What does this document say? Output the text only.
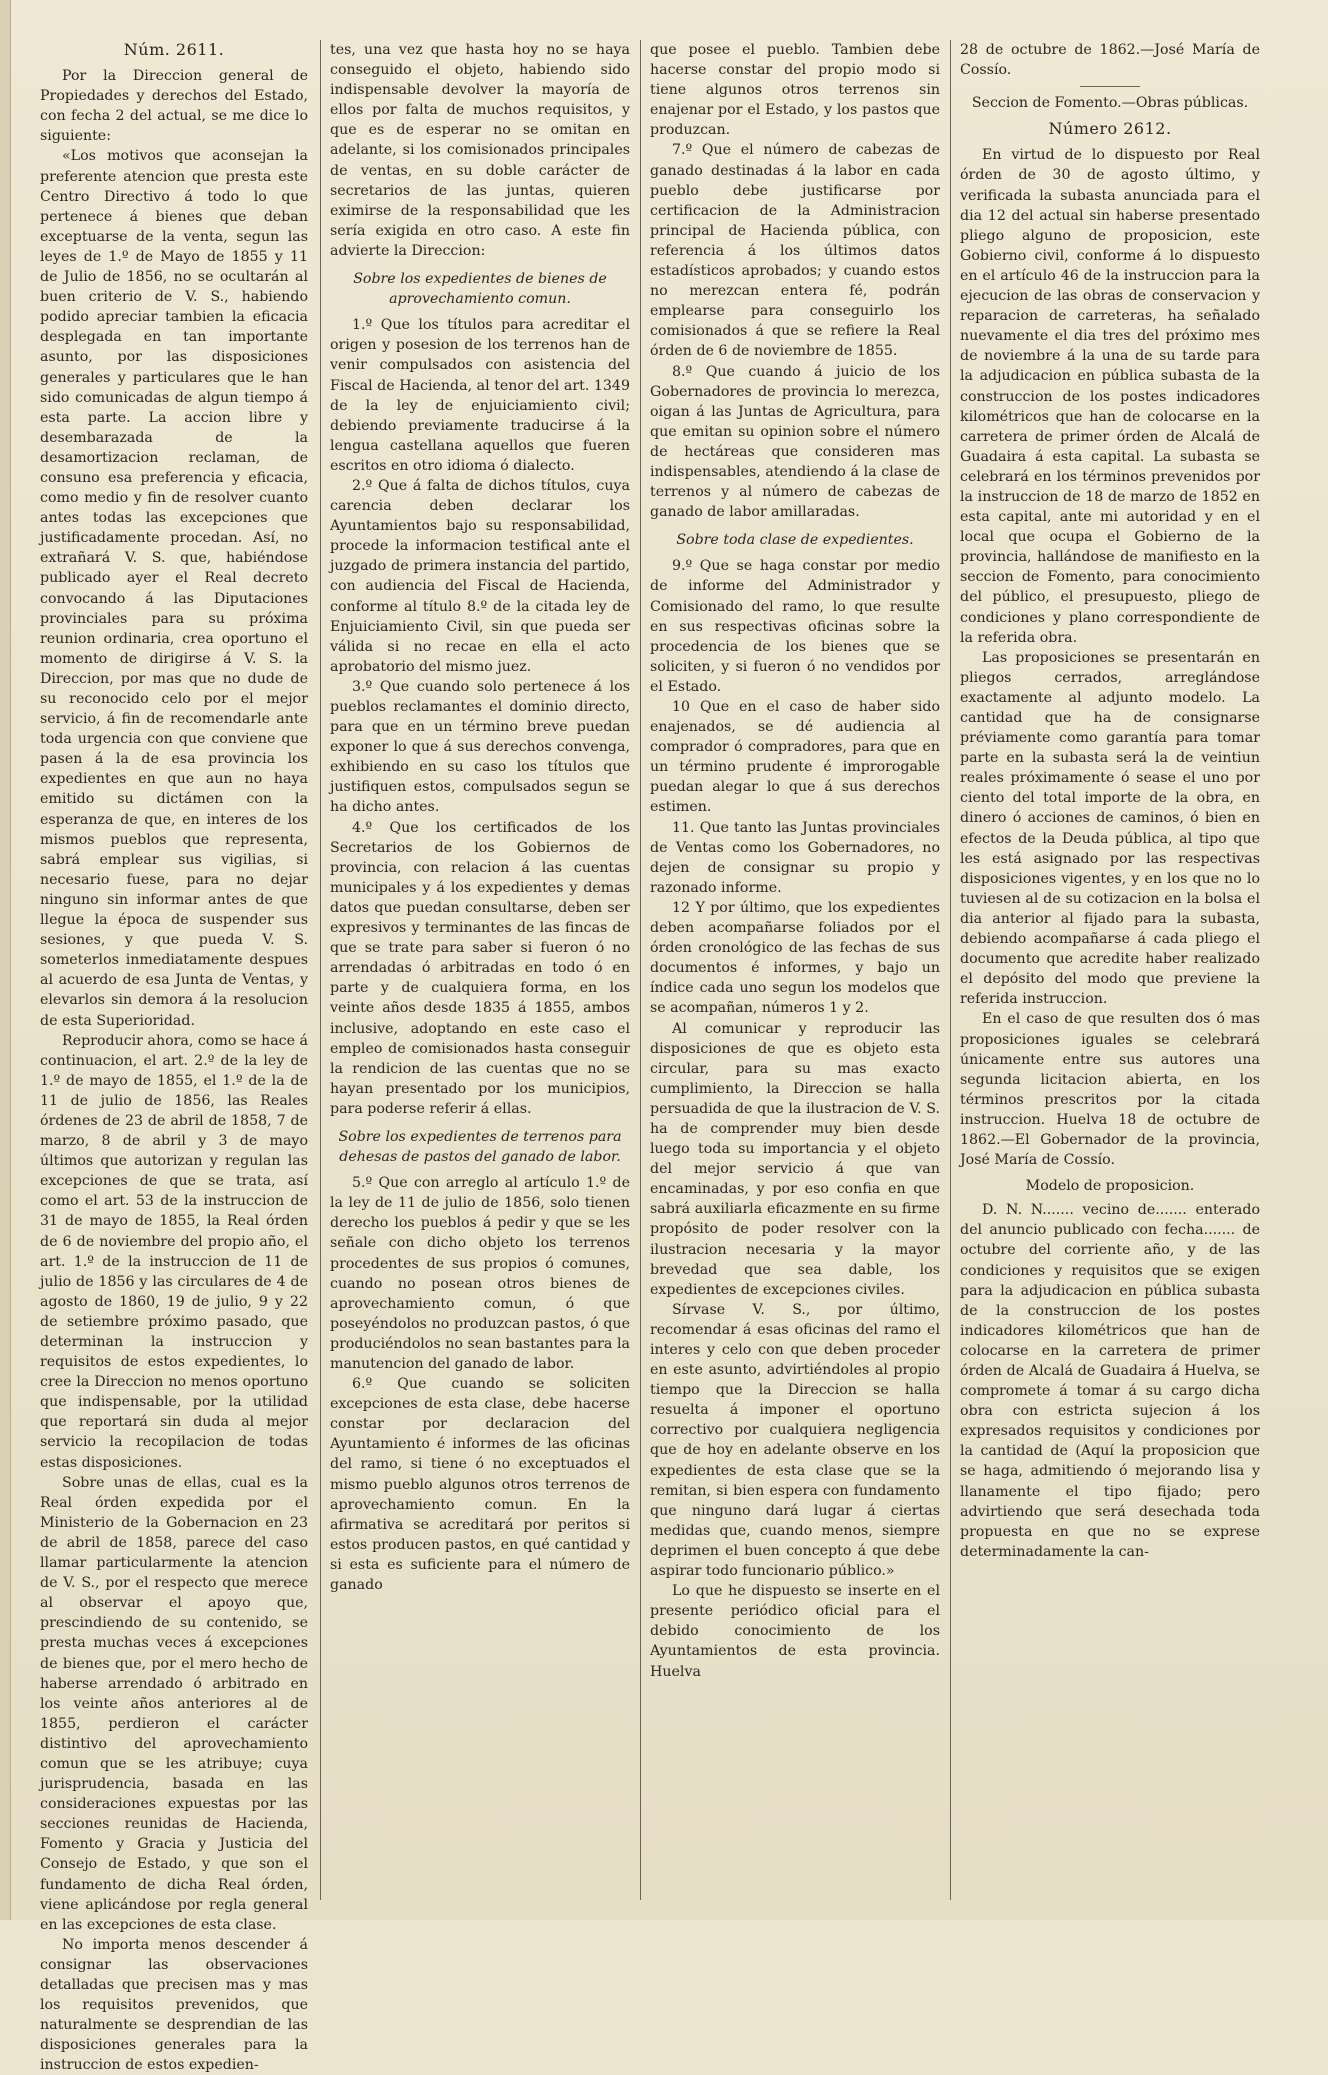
Núm. 2611.

Por la Direccion general de Propiedades y derechos del Estado, con fecha 2 del actual, se me dice lo siguiente:

«Los motivos que aconsejan la preferente atencion que presta este Centro Directivo á todo lo que pertenece á bienes que deban exceptuarse de la venta, segun las leyes de 1.º de Mayo de 1855 y 11 de Julio de 1856, no se ocultarán al buen criterio de V. S., habiendo podido apreciar tambien la eficacia desplegada en tan importante asunto, por las disposiciones generales y particulares que le han sido comunicadas de algun tiempo á esta parte. La accion libre y desembarazada de la desamortizacion reclaman, de consuno esa preferencia y eficacia, como medio y fin de resolver cuanto antes todas las excepciones que justificadamente procedan. Así, no extrañará V. S. que, habiéndose publicado ayer el Real decreto convocando á las Diputaciones provinciales para su próxima reunion ordinaria, crea oportuno el momento de dirigirse á V. S. la Direccion, por mas que no dude de su reconocido celo por el mejor servicio, á fin de recomendarle ante toda urgencia con que conviene que pasen á la de esa provincia los expedientes en que aun no haya emitido su dictámen con la esperanza de que, en interes de los mismos pueblos que representa, sabrá emplear sus vigilias, si necesario fuese, para no dejar ninguno sin informar antes de que llegue la época de suspender sus sesiones, y que pueda V. S. someterlos inmediatamente despues al acuerdo de esa Junta de Ventas, y elevarlos sin demora á la resolucion de esta Superioridad.

Reproducir ahora, como se hace á continuacion, el art. 2.º de la ley de 1.º de mayo de 1855, el 1.º de la de 11 de julio de 1856, las Reales órdenes de 23 de abril de 1858, 7 de marzo, 8 de abril y 3 de mayo últimos que autorizan y regulan las excepciones de que se trata, así como el art. 53 de la instruccion de 31 de mayo de 1855, la Real órden de 6 de noviembre del propio año, el art. 1.º de la instruccion de 11 de julio de 1856 y las circulares de 4 de agosto de 1860, 19 de julio, 9 y 22 de setiembre próximo pasado, que determinan la instruccion y requisitos de estos expedientes, lo cree la Direccion no menos oportuno que indispensable, por la utilidad que reportará sin duda al mejor servicio la recopilacion de todas estas disposiciones.

Sobre unas de ellas, cual es la Real órden expedida por el Ministerio de la Gobernacion en 23 de abril de 1858, parece del caso llamar particularmente la atencion de V. S., por el respecto que merece al observar el apoyo que, prescindiendo de su contenido, se presta muchas veces á excepciones de bienes que, por el mero hecho de haberse arrendado ó arbitrado en los veinte años anteriores al de 1855, perdieron el carácter distintivo del aprovechamiento comun que se les atribuye; cuya jurisprudencia, basada en las consideraciones expuestas por las secciones reunidas de Hacienda, Fomento y Gracia y Justicia del Consejo de Estado, y que son el fundamento de dicha Real órden, viene aplicándose por regla general en las excepciones de esta clase.

No importa menos descender á consignar las observaciones detalladas que precisen mas y mas los requisitos prevenidos, que naturalmente se desprendian de las disposiciones generales para la instruccion de estos expedien-

tes, una vez que hasta hoy no se haya conseguido el objeto, habiendo sido indispensable devolver la mayoría de ellos por falta de muchos requisitos, y que es de esperar no se omitan en adelante, si los comisionados principales de ventas, en su doble carácter de secretarios de las juntas, quieren eximirse de la responsabilidad que les sería exigida en otro caso. A este fin advierte la Direccion:

Sobre los expedientes de bienes de aprovechamiento comun.

1.º Que los títulos para acreditar el origen y posesion de los terrenos han de venir compulsados con asistencia del Fiscal de Hacienda, al tenor del art. 1349 de la ley de enjuiciamiento civil; debiendo previamente traducirse á la lengua castellana aquellos que fueren escritos en otro idioma ó dialecto.

2.º Que á falta de dichos títulos, cuya carencia deben declarar los Ayuntamientos bajo su responsabilidad, procede la informacion testifical ante el juzgado de primera instancia del partido, con audiencia del Fiscal de Hacienda, conforme al título 8.º de la citada ley de Enjuiciamiento Civil, sin que pueda ser válida si no recae en ella el acto aprobatorio del mismo juez.

3.º Que cuando solo pertenece á los pueblos reclamantes el dominio directo, para que en un término breve puedan exponer lo que á sus derechos convenga, exhibiendo en su caso los títulos que justifiquen estos, compulsados segun se ha dicho antes.

4.º Que los certificados de los Secretarios de los Gobiernos de provincia, con relacion á las cuentas municipales y á los expedientes y demas datos que puedan consultarse, deben ser expresivos y terminantes de las fincas de que se trate para saber si fueron ó no arrendadas ó arbitradas en todo ó en parte y de cualquiera forma, en los veinte años desde 1835 á 1855, ambos inclusive, adoptando en este caso el empleo de comisionados hasta conseguir la rendicion de las cuentas que no se hayan presentado por los municipios, para poderse referir á ellas.

Sobre los expedientes de terrenos para dehesas de pastos del ganado de labor.

5.º Que con arreglo al artículo 1.º de la ley de 11 de julio de 1856, solo tienen derecho los pueblos á pedir y que se les señale con dicho objeto los terrenos procedentes de sus propios ó comunes, cuando no posean otros bienes de aprovechamiento comun, ó que poseyéndolos no produzcan pastos, ó que produciéndolos no sean bastantes para la manutencion del ganado de labor.

6.º Que cuando se soliciten excepciones de esta clase, debe hacerse constar por declaracion del Ayuntamiento é informes de las oficinas del ramo, si tiene ó no exceptuados el mismo pueblo algunos otros terrenos de aprovechamiento comun. En la afirmativa se acreditará por peritos si estos producen pastos, en qué cantidad y si esta es suficiente para el número de ganado

que posee el pueblo. Tambien debe hacerse constar del propio modo si tiene algunos otros terrenos sin enajenar por el Estado, y los pastos que produzcan.

7.º Que el número de cabezas de ganado destinadas á la labor en cada pueblo debe justificarse por certificacion de la Administracion principal de Hacienda pública, con referencia á los últimos datos estadísticos aprobados; y cuando estos no merezcan entera fé, podrán emplearse para conseguirlo los comisionados á que se refiere la Real órden de 6 de noviembre de 1855.

8.º Que cuando á juicio de los Gobernadores de provincia lo merezca, oigan á las Juntas de Agricultura, para que emitan su opinion sobre el número de hectáreas que consideren mas indispensables, atendiendo á la clase de terrenos y al número de cabezas de ganado de labor amillaradas.

Sobre toda clase de expedientes.

9.º Que se haga constar por medio de informe del Administrador y Comisionado del ramo, lo que resulte en sus respectivas oficinas sobre la procedencia de los bienes que se soliciten, y si fueron ó no vendidos por el Estado.

10 Que en el caso de haber sido enajenados, se dé audiencia al comprador ó compradores, para que en un término prudente é improrogable puedan alegar lo que á sus derechos estimen.

11. Que tanto las Juntas provinciales de Ventas como los Gobernadores, no dejen de consignar su propio y razonado informe.

12 Y por último, que los expedientes deben acompañarse foliados por el órden cronológico de las fechas de sus documentos é informes, y bajo un índice cada uno segun los modelos que se acompañan, números 1 y 2.

Al comunicar y reproducir las disposiciones de que es objeto esta circular, para su mas exacto cumplimiento, la Direccion se halla persuadida de que la ilustracion de V. S. ha de comprender muy bien desde luego toda su importancia y el objeto del mejor servicio á que van encaminadas, y por eso confia en que sabrá auxiliarla eficazmente en su firme propósito de poder resolver con la ilustracion necesaria y la mayor brevedad que sea dable, los expedientes de excepciones civiles.

Sírvase V. S., por último, recomendar á esas oficinas del ramo el interes y celo con que deben proceder en este asunto, advirtiéndoles al propio tiempo que la Direccion se halla resuelta á imponer el oportuno correctivo por cualquiera negligencia que de hoy en adelante observe en los expedientes de esta clase que se la remitan, si bien espera con fundamento que ninguno dará lugar á ciertas medidas que, cuando menos, siempre deprimen el buen concepto á que debe aspirar todo funcionario público.»

Lo que he dispuesto se inserte en el presente periódico oficial para el debido conocimiento de los Ayuntamientos de esta provincia. Huelva

28 de octubre de 1862.—José María de Cossío.

Seccion de Fomento.—Obras públicas.

Número 2612.

En virtud de lo dispuesto por Real órden de 30 de agosto último, y verificada la subasta anunciada para el dia 12 del actual sin haberse presentado pliego alguno de proposicion, este Gobierno civil, conforme á lo dispuesto en el artículo 46 de la instruccion para la ejecucion de las obras de conservacion y reparacion de carreteras, ha señalado nuevamente el dia tres del próximo mes de noviembre á la una de su tarde para la adjudicacion en pública subasta de la construccion de los postes indicadores kilométricos que han de colocarse en la carretera de primer órden de Alcalá de Guadaira á esta capital. La subasta se celebrará en los términos prevenidos por la instruccion de 18 de marzo de 1852 en esta capital, ante mi autoridad y en el local que ocupa el Gobierno de la provincia, hallándose de manifiesto en la seccion de Fomento, para conocimiento del público, el presupuesto, pliego de condiciones y plano correspondiente de la referida obra.

Las proposiciones se presentarán en pliegos cerrados, arreglándose exactamente al adjunto modelo. La cantidad que ha de consignarse préviamente como garantía para tomar parte en la subasta será la de veintiun reales próximamente ó sease el uno por ciento del total importe de la obra, en dinero ó acciones de caminos, ó bien en efectos de la Deuda pública, al tipo que les está asignado por las respectivas disposiciones vigentes, y en los que no lo tuviesen al de su cotizacion en la bolsa el dia anterior al fijado para la subasta, debiendo acompañarse á cada pliego el documento que acredite haber realizado el depósito del modo que previene la referida instruccion.

En el caso de que resulten dos ó mas proposiciones iguales se celebrará únicamente entre sus autores una segunda licitacion abierta, en los términos prescritos por la citada instruccion. Huelva 18 de octubre de 1862.—El Gobernador de la provincia, José María de Cossío.

Modelo de proposicion.

D. N. N....... vecino de....... enterado del anuncio publicado con fecha....... de octubre del corriente año, y de las condiciones y requisitos que se exigen para la adjudicacion en pública subasta de la construccion de los postes indicadores kilométricos que han de colocarse en la carretera de primer órden de Alcalá de Guadaira á Huelva, se compromete á tomar á su cargo dicha obra con estricta sujecion á los expresados requisitos y condiciones por la cantidad de (Aquí la proposicion que se haga, admitiendo ó mejorando lisa y llanamente el tipo fijado; pero advirtiendo que será desechada toda propuesta en que no se exprese determinadamente la can-
